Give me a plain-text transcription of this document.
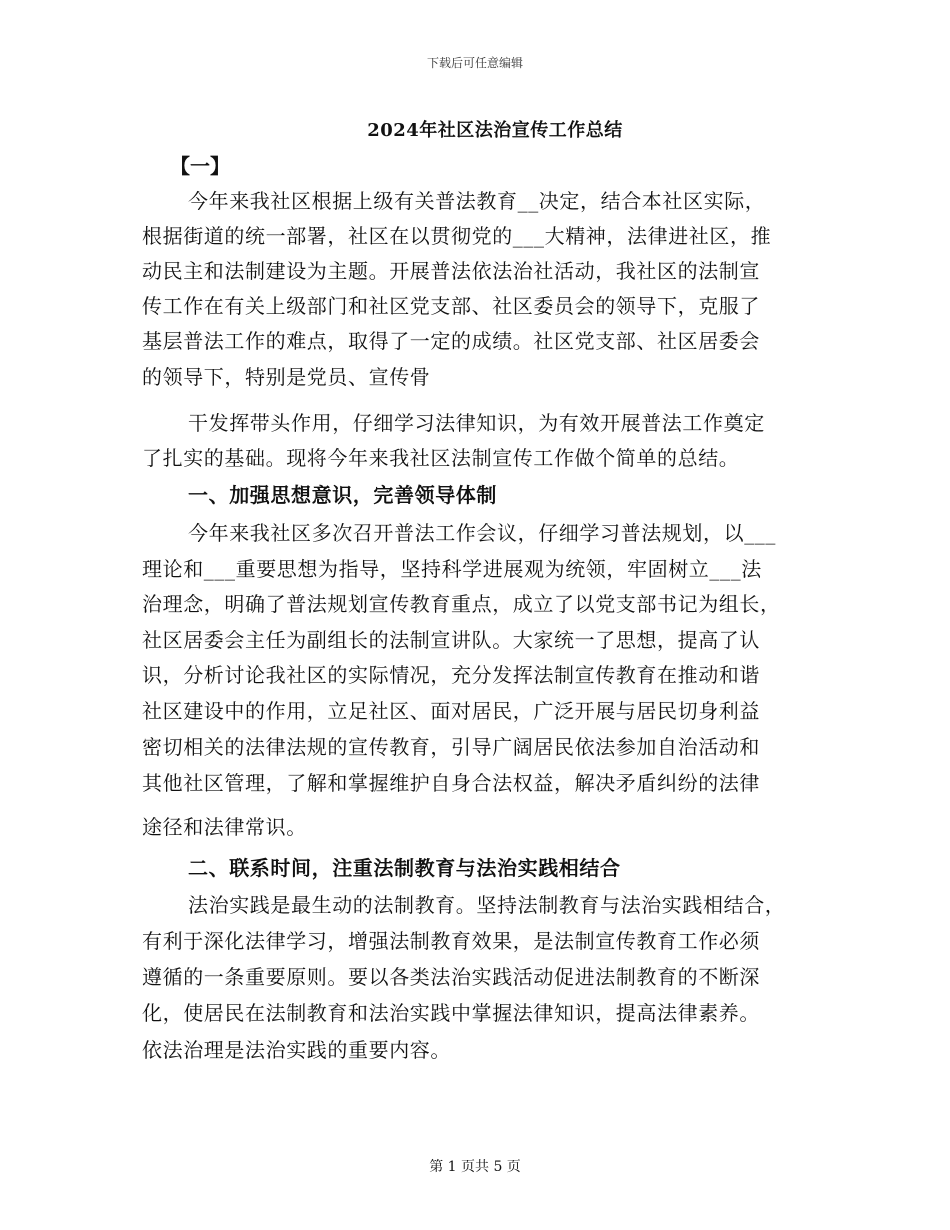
下载后可任意编辑
2024年社区法治宣传工作总结
【一】
今年来我社区根据上级有关普法教育__决定，结合本社区实际，
根据街道的统一部署，社区在以贯彻党的___大精神，法律进社区，推
动民主和法制建设为主题。开展普法依法治社活动，我社区的法制宣
传工作在有关上级部门和社区党支部、社区委员会的领导下，克服了
基层普法工作的难点，取得了一定的成绩。社区党支部、社区居委会
的领导下，特别是党员、宣传骨
干发挥带头作用，仔细学习法律知识，为有效开展普法工作奠定
了扎实的基础。现将今年来我社区法制宣传工作做个简单的总结。
一、加强思想意识，完善领导体制
今年来我社区多次召开普法工作会议，仔细学习普法规划，以___
理论和___重要思想为指导，坚持科学进展观为统领，牢固树立___法
治理念，明确了普法规划宣传教育重点，成立了以党支部书记为组长，
社区居委会主任为副组长的法制宣讲队。大家统一了思想，提高了认
识，分析讨论我社区的实际情况，充分发挥法制宣传教育在推动和谐
社区建设中的作用，立足社区、面对居民，广泛开展与居民切身利益
密切相关的法律法规的宣传教育，引导广阔居民依法参加自治活动和
其他社区管理，了解和掌握维护自身合法权益，解决矛盾纠纷的法律
途径和法律常识。
二、联系时间，注重法制教育与法治实践相结合
法治实践是最生动的法制教育。坚持法制教育与法治实践相结合，
有利于深化法律学习，增强法制教育效果，是法制宣传教育工作必须
遵循的一条重要原则。要以各类法治实践活动促进法制教育的不断深
化，使居民在法制教育和法治实践中掌握法律知识，提高法律素养。
依法治理是法治实践的重要内容。
第 1 页共 5 页
